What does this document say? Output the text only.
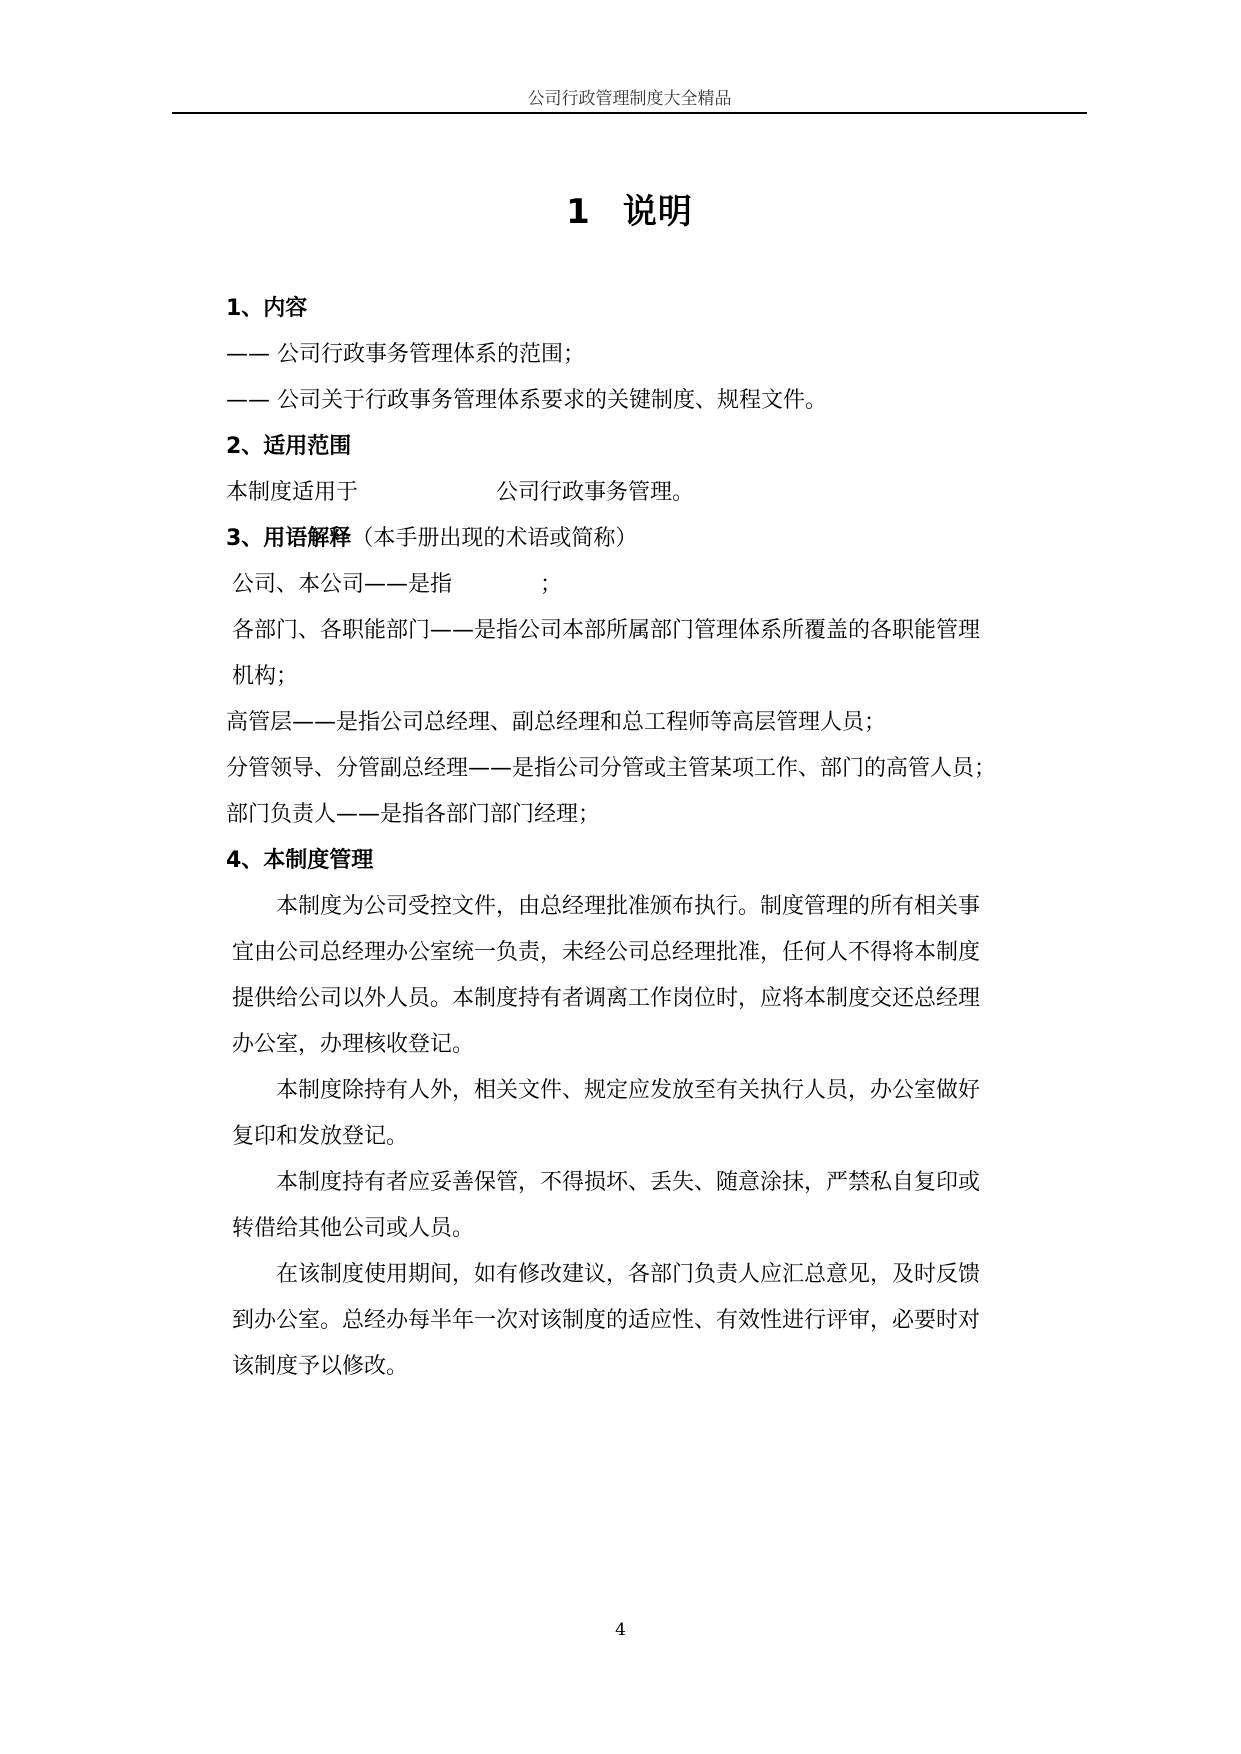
公司行政管理制度大全精品
1 说明
1、内容
—— 公司行政事务管理体系的范围；
—— 公司关于行政事务管理体系要求的关键制度、规程文件。
2、适用范围
本制度适用于	公司行政事务管理。
3、用语解释（本手册出现的术语或简称）
公司、本公司——是指	；
各部门、各职能部门——是指公司本部所属部门管理体系所覆盖的各职能管理
机构；
高管层——是指公司总经理、副总经理和总工程师等高层管理人员；
分管领导、分管副总经理——是指公司分管或主管某项工作、部门的高管人员；
部门负责人——是指各部门部门经理；
4、本制度管理
　　本制度为公司受控文件，由总经理批准颁布执行。制度管理的所有相关事
宜由公司总经理办公室统一负责，未经公司总经理批准，任何人不得将本制度
提供给公司以外人员。本制度持有者调离工作岗位时，应将本制度交还总经理
办公室，办理核收登记。
　　本制度除持有人外，相关文件、规定应发放至有关执行人员，办公室做好
复印和发放登记。
　　本制度持有者应妥善保管，不得损坏、丢失、随意涂抹，严禁私自复印或
转借给其他公司或人员。
　　在该制度使用期间，如有修改建议，各部门负责人应汇总意见，及时反馈
到办公室。总经办每半年一次对该制度的适应性、有效性进行评审，必要时对
该制度予以修改。
4
